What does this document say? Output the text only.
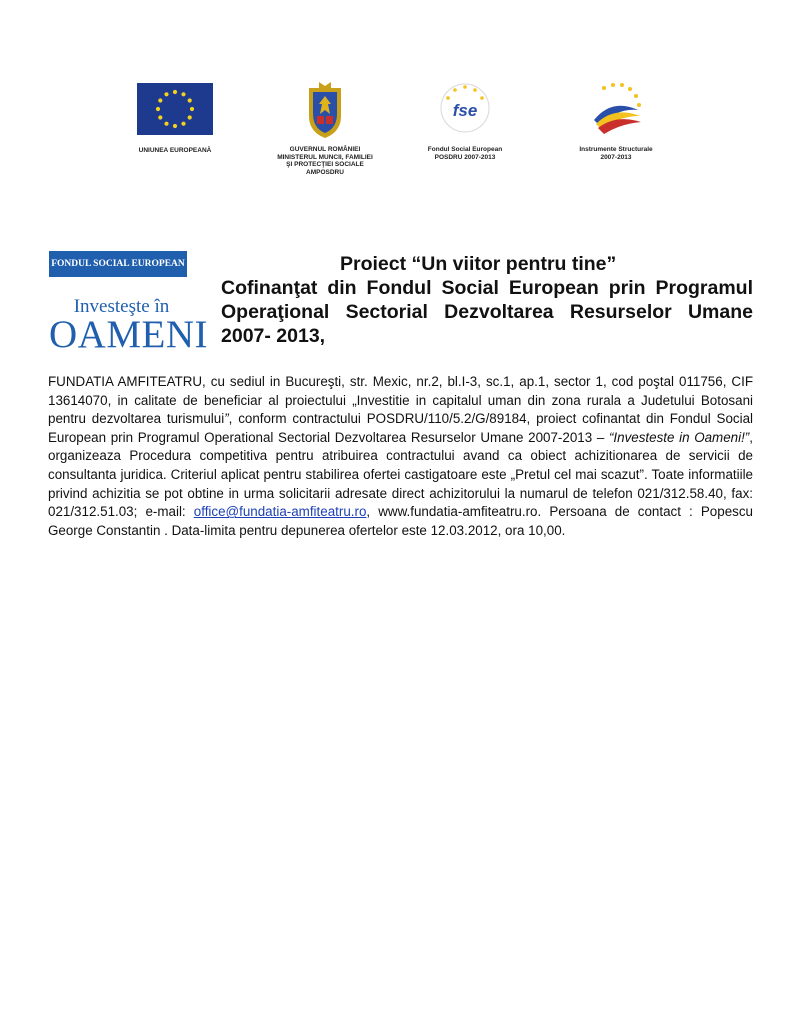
UNIUNEA EUROPEANĂ	GUVERNUL ROMÂNIEI
MINISTERUL MUNCII, FAMILIEI
ŞI PROTECŢIEI SOCIALE
AMPOSDRU
fse
Fondul Social European
POSDRU 2007-2013
Instrumente Structurale
2007-2013
FONDUL SOCIAL EUROPEAN
Investeşte în
OAMENI
Proiect “Un viitor pentru tine”
Cofinanţat din Fondul Social European prin Programul Operaţional Sectorial Dezvoltarea Resurselor Umane 2007- 2013,

FUNDATIA AMFITEATRU, cu sediul in Bucureşti, str. Mexic, nr.2, bl.I-3, sc.1, ap.1, sector 1, cod poştal 011756, CIF 13614070, in calitate de beneficiar al proiectului „Investitie in capitalul uman din zona rurala a Judetului Botosani pentru dezvoltarea turismului”, conform contractului POSDRU/110/5.2/G/89184, proiect cofinantat din Fondul Social European prin Programul Operational Sectorial Dezvoltarea Resurselor Umane 2007-2013 – “Investeste in Oameni!”, organizeaza Procedura competitiva pentru atribuirea contractului avand ca obiect achizitionarea de servicii de consultanta juridica. Criteriul aplicat pentru stabilirea ofertei castigatoare este „Pretul cel mai scazut”. Toate informatiile privind achizitia se pot obtine in urma solicitarii adresate direct achizitorului la numarul de telefon 021/312.58.40, fax: 021/312.51.03; e-mail: office@fundatia-amfiteatru.ro, www.fundatia-amfiteatru.ro. Persoana de contact : Popescu George Constantin . Data-limita pentru depunerea ofertelor este 12.03.2012, ora 10,00.
